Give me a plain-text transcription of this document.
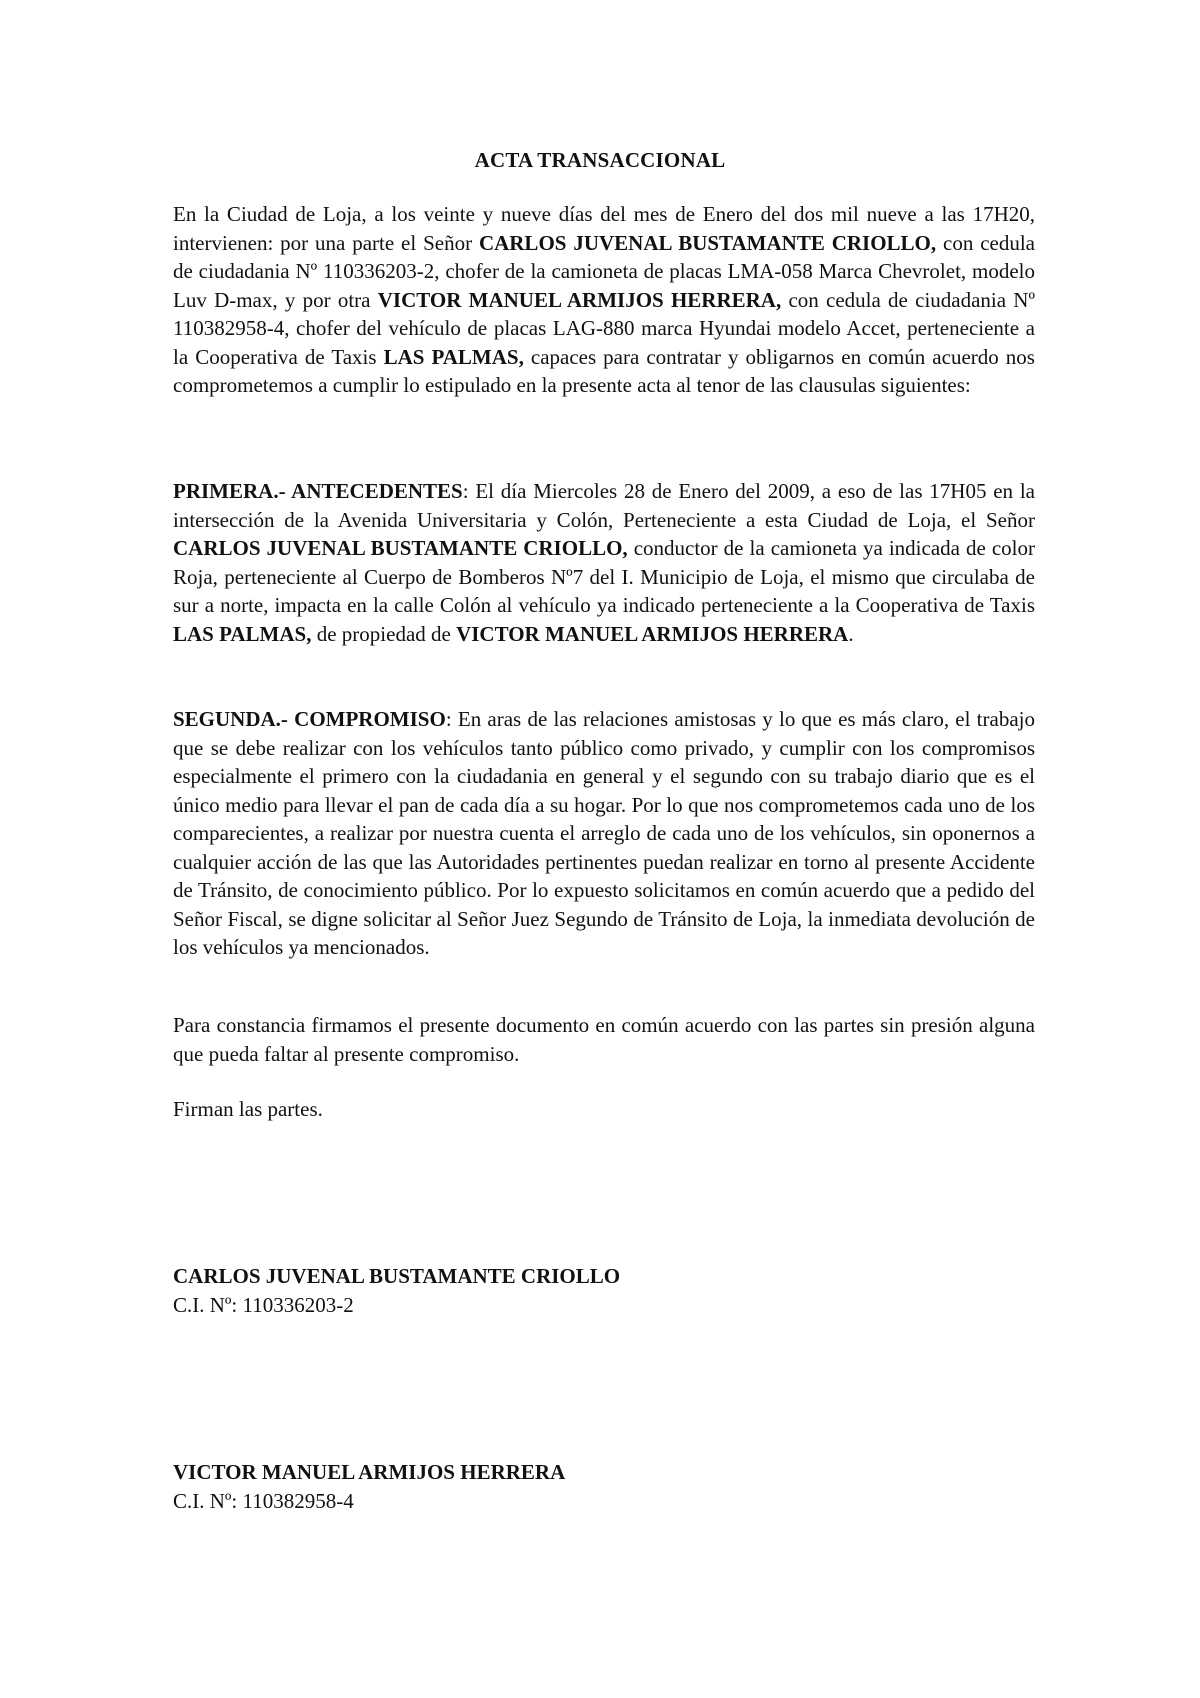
ACTA TRANSACCIONAL

En la Ciudad de Loja, a los veinte y nueve días del mes de Enero del dos mil nueve a las 17H20, intervienen: por una parte el Señor CARLOS JUVENAL BUSTAMANTE CRIOLLO, con cedula de ciudadania Nº 110336203-2, chofer de la camioneta de placas LMA-058 Marca Chevrolet, modelo Luv D-max, y por otra VICTOR MANUEL ARMIJOS HERRERA, con cedula de ciudadania Nº 110382958-4, chofer del vehículo de placas LAG-880 marca Hyundai modelo Accet, perteneciente a la Cooperativa de Taxis LAS PALMAS, capaces para contratar y obligarnos en común acuerdo nos comprometemos a cumplir lo estipulado en la presente acta al tenor de las clausulas siguientes:

PRIMERA.- ANTECEDENTES: El día Miercoles 28 de Enero del 2009, a eso de las 17H05 en la intersección de la Avenida Universitaria y Colón, Perteneciente a esta Ciudad de Loja, el Señor CARLOS JUVENAL BUSTAMANTE CRIOLLO, conductor de la camioneta ya indicada de color Roja, perteneciente al Cuerpo de Bomberos Nº7 del I. Municipio de Loja, el mismo que circulaba de sur a norte, impacta en la calle Colón al vehículo ya indicado perteneciente a la Cooperativa de Taxis LAS PALMAS, de propiedad de VICTOR MANUEL ARMIJOS HERRERA.

SEGUNDA.- COMPROMISO: En aras de las relaciones amistosas y lo que es más claro, el trabajo que se debe realizar con los vehículos tanto público como privado, y cumplir con los compromisos especialmente el primero con la ciudadania en general y el segundo con su trabajo diario que es el único medio para llevar el pan de cada día a su hogar. Por lo que nos comprometemos cada uno de los comparecientes, a realizar por nuestra cuenta el arreglo de cada uno de los vehículos, sin oponernos a cualquier acción de las que las Autoridades pertinentes puedan realizar en torno al presente Accidente de Tránsito, de conocimiento público. Por lo expuesto solicitamos en común acuerdo que a pedido del Señor Fiscal, se digne solicitar al Señor Juez Segundo de Tránsito de Loja, la inmediata devolución de los vehículos ya mencionados.

Para constancia firmamos el presente documento en común acuerdo con las partes sin presión alguna que pueda faltar al presente compromiso.

Firman las partes.

CARLOS JUVENAL BUSTAMANTE CRIOLLO
C.I. Nº: 110336203-2
VICTOR MANUEL ARMIJOS HERRERA
C.I. Nº: 110382958-4
